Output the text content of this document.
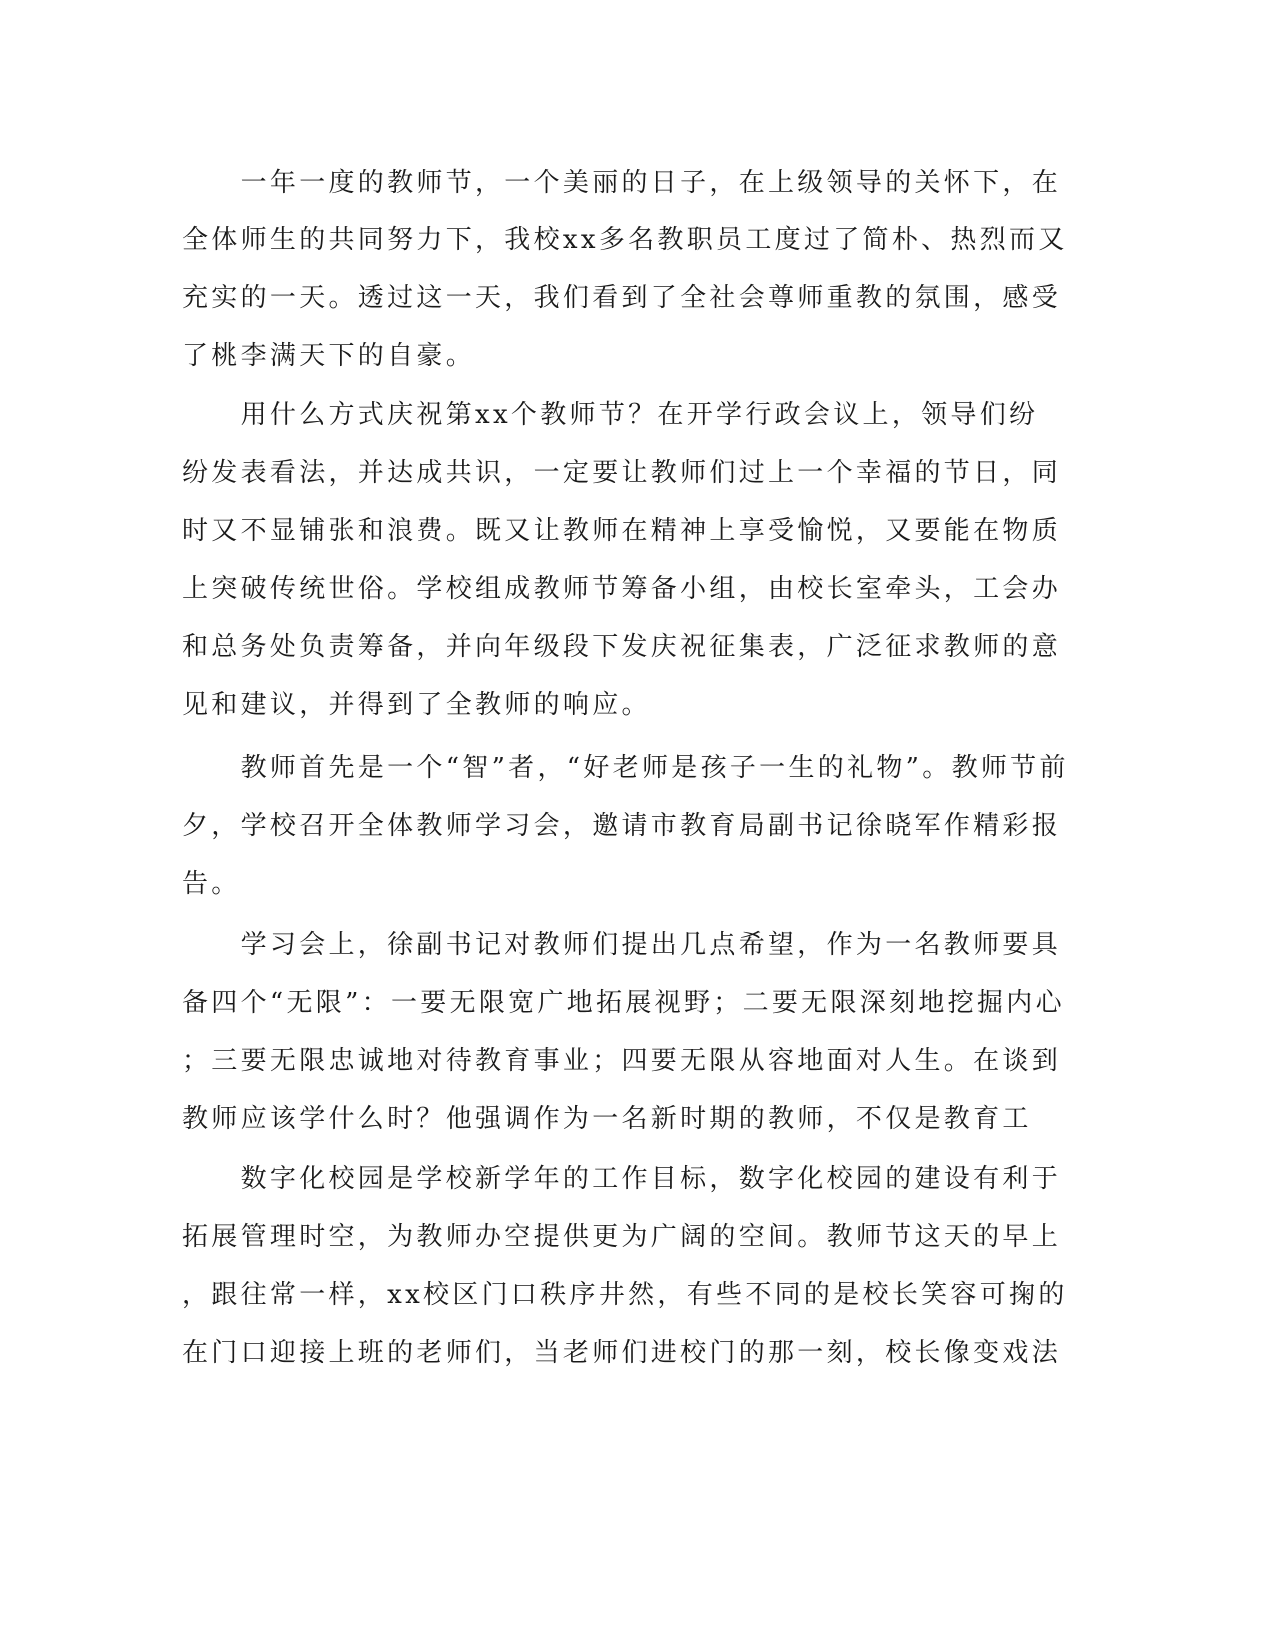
　　一年一度的教师节，一个美丽的日子，在上级领导的关怀下，在
全体师生的共同努力下，我校xx多名教职员工度过了简朴、热烈而又
充实的一天。透过这一天，我们看到了全社会尊师重教的氛围，感受
了桃李满天下的自豪。
　　用什么方式庆祝第xx个教师节？在开学行政会议上，领导们纷
纷发表看法，并达成共识，一定要让教师们过上一个幸福的节日，同
时又不显铺张和浪费。既又让教师在精神上享受愉悦，又要能在物质
上突破传统世俗。学校组成教师节筹备小组，由校长室牵头，工会办
和总务处负责筹备，并向年级段下发庆祝征集表，广泛征求教师的意
见和建议，并得到了全教师的响应。
　　教师首先是一个“智”者，“好老师是孩子一生的礼物”。教师节前
夕，学校召开全体教师学习会，邀请市教育局副书记徐晓军作精彩报
告。
　　学习会上，徐副书记对教师们提出几点希望，作为一名教师要具
备四个“无限”：一要无限宽广地拓展视野；二要无限深刻地挖掘内心
；三要无限忠诚地对待教育事业；四要无限从容地面对人生。在谈到
教师应该学什么时？他强调作为一名新时期的教师，不仅是教育工
　　数字化校园是学校新学年的工作目标，数字化校园的建设有利于
拓展管理时空，为教师办空提供更为广阔的空间。教师节这天的早上
，跟往常一样，xx校区门口秩序井然，有些不同的是校长笑容可掬的
在门口迎接上班的老师们，当老师们进校门的那一刻，校长像变戏法
